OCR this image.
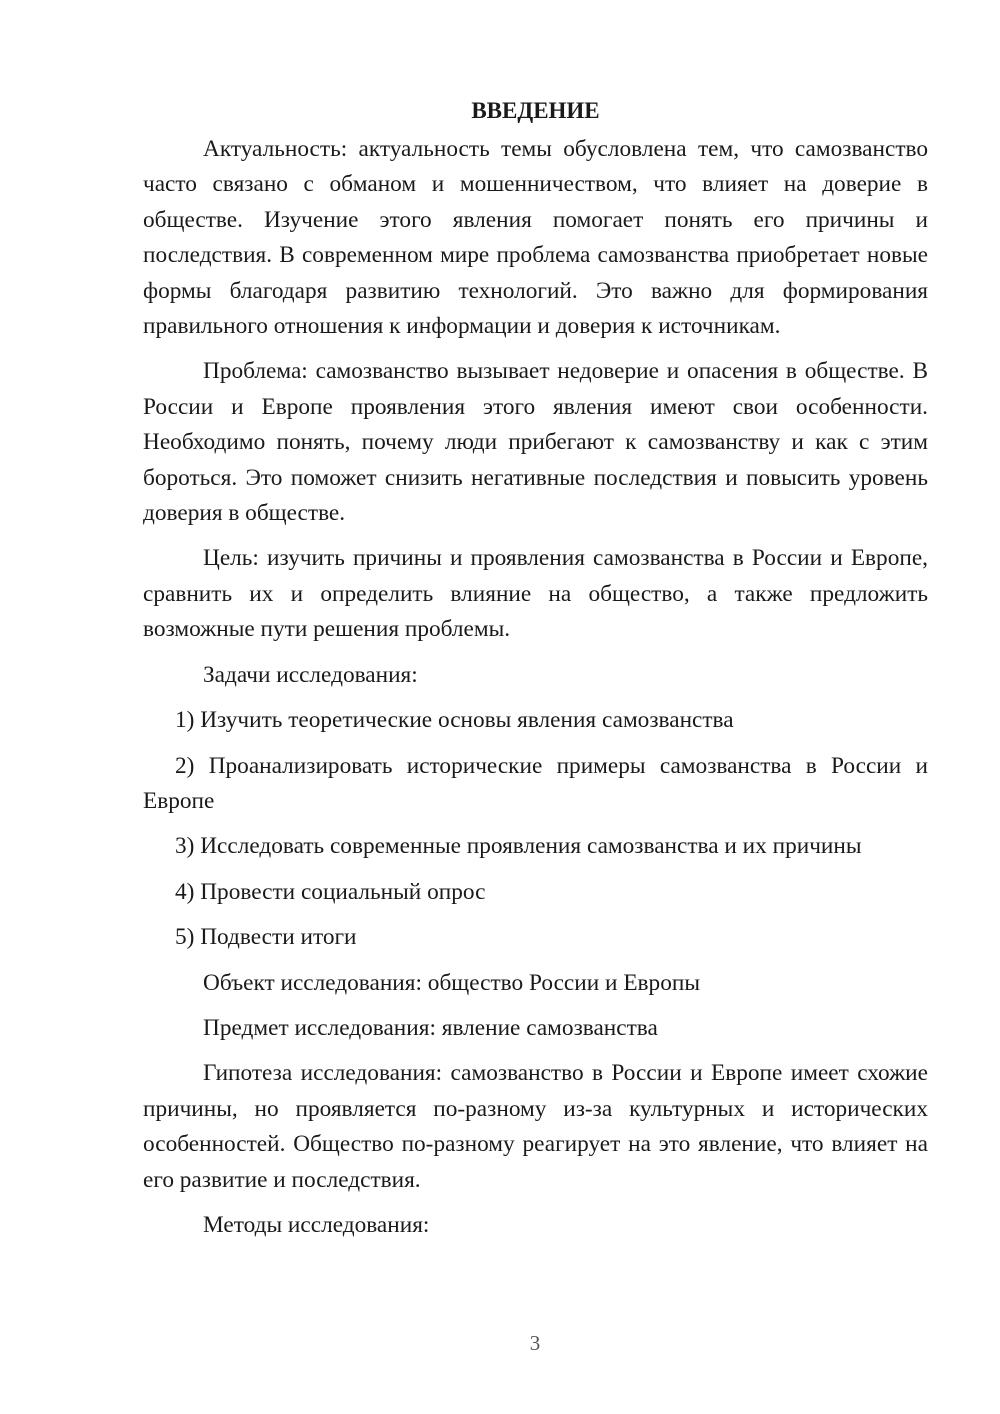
ВВЕДЕНИЕ

Актуальность: актуальность темы обусловлена тем, что самозванство часто связано с обманом и мошенничеством, что влияет на доверие в обществе. Изучение этого явления помогает понять его причины и последствия. В современном мире проблема самозванства приобретает новые формы благодаря развитию технологий. Это важно для формирования правильного отношения к информации и доверия к источникам.

Проблема: самозванство вызывает недоверие и опасения в обществе. В России и Европе проявления этого явления имеют свои особенности. Необходимо понять, почему люди прибегают к самозванству и как с этим бороться. Это поможет снизить негативные последствия и повысить уровень доверия в обществе.

Цель: изучить причины и проявления самозванства в России и Европе, сравнить их и определить влияние на общество, а также предложить возможные пути решения проблемы.

Задачи исследования:

1) Изучить теоретические основы явления самозванства

2) Проанализировать исторические примеры самозванства в России и Европе

3) Исследовать современные проявления самозванства и их причины

4) Провести социальный опрос

5) Подвести итоги

Объект исследования: общество России и Европы

Предмет исследования: явление самозванства

Гипотеза исследования: самозванство в России и Европе имеет схожие причины, но проявляется по-разному из-за культурных и исторических особенностей. Общество по-разному реагирует на это явление, что влияет на его развитие и последствия.

Методы исследования:

3
